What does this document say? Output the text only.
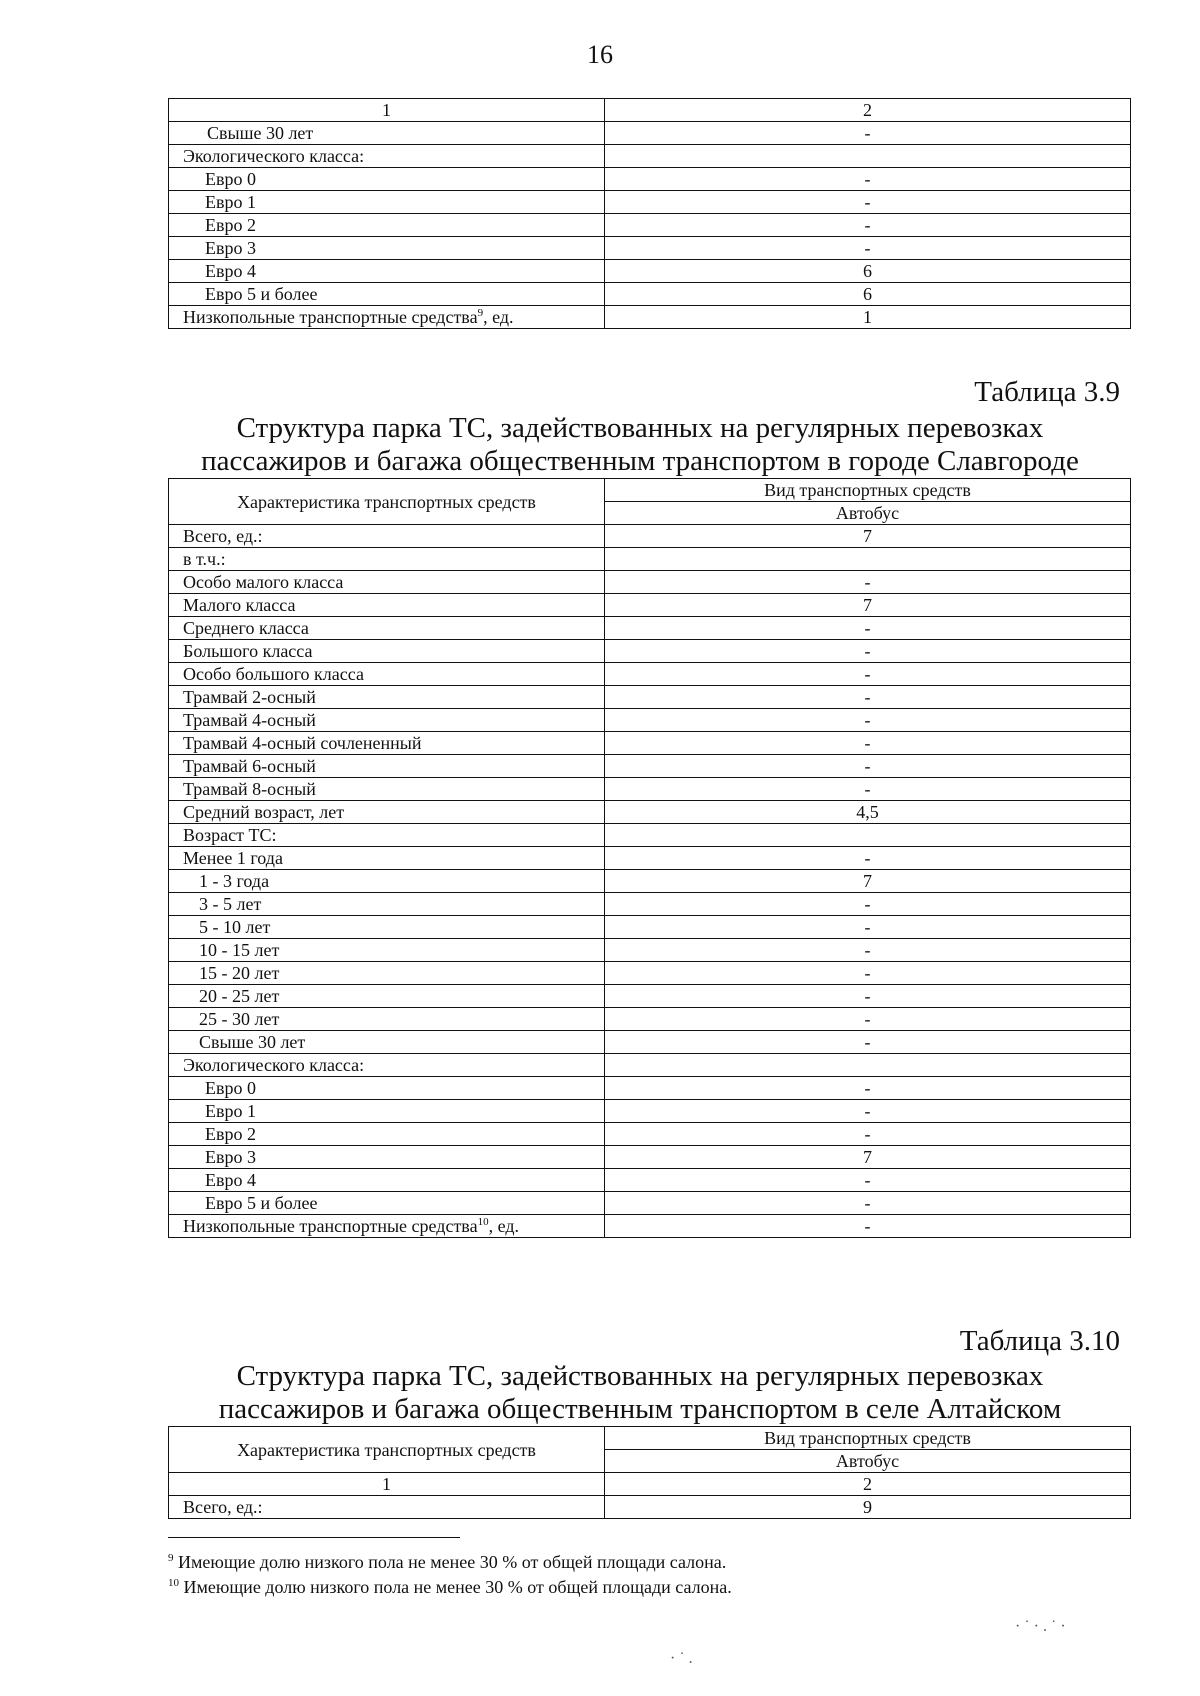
16
1	2
Свыше 30 лет	-
Экологического класса:	
Евро 0	-
Евро 1	-
Евро 2	-
Евро 3	-
Евро 4	6
Евро 5 и более	6
Низкопольные транспортные средства$^9$, ед.	1
Таблица 3.9
Структура парка ТС, задействованных на регулярных перевозках
пассажиров и багажа общественным транспортом в городе Славгороде
Характеристика транспортных средств	Вид транспортных средств
	Автобус
Всего, ед.:	7
в т.ч.:	
Особо малого класса	-
Малого класса	7
Среднего класса	-
Большого класса	-
Особо большого класса	-
Трамвай 2-осный	-
Трамвай 4-осный	-
Трамвай 4-осный сочлененный	-
Трамвай 6-осный	-
Трамвай 8-осный	-
Средний возраст, лет	4,5
Возраст ТС:	
Менее 1 года	-
1 - 3 года	7
3 - 5 лет	-
5 - 10 лет	-
10 - 15 лет	-
15 - 20 лет	-
20 - 25 лет	-
25 - 30 лет	-
Свыше 30 лет	-
Экологического класса:	
Евро 0	-
Евро 1	-
Евро 2	-
Евро 3	7
Евро 4	-
Евро 5 и более	-
Низкопольные транспортные средства$^{10}$, ед.	-
Таблица 3.10
Структура парка ТС, задействованных на регулярных перевозках
пассажиров и багажа общественным транспортом в селе Алтайском
Характеристика транспортных средств	Вид транспортных средств
	Автобус
1	2
Всего, ед.:	9
$^9$ Имеющие долю низкого пола не менее 30 % от общей площади салона.
$^{10}$ Имеющие долю низкого пола не менее 30 % от общей площади салона.
· ˙ · . ˙ ·
· ˙ .
